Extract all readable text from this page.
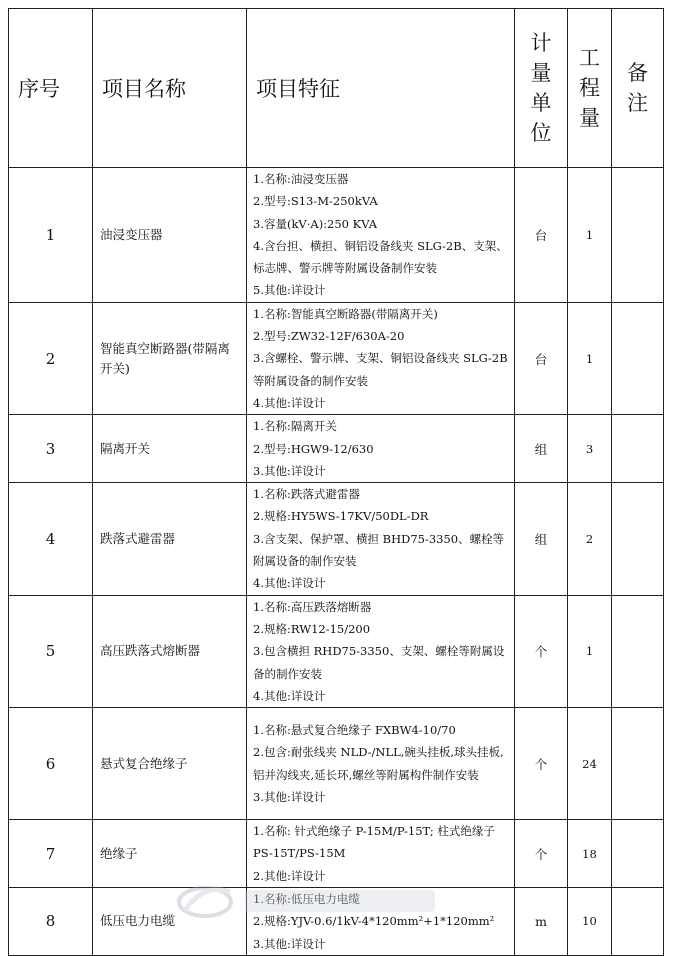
序号	项目名称	项目特征	计量单位	工程量	备注
1	油浸变压器	1.名称:油浸变压器
2.型号:S13-M-250kVA
3.容量(kV·A):250 KVA
4.含台担、横担、铜铝设备线夹 SLG-2B、支架、标志牌、警示牌等附属设备制作安装
5.其他:详设计	台	1	
2	智能真空断路器(带隔离开关)	1.名称:智能真空断路器(带隔离开关)
2.型号:ZW32-12F/630A-20
3.含螺栓、警示牌、支架、铜铝设备线夹 SLG-2B 等附属设备的制作安装
4.其他:详设计	台	1	
3	隔离开关	1.名称:隔离开关
2.型号:HGW9-12/630
3.其他:详设计	组	3	
4	跌落式避雷器	1.名称:跌落式避雷器
2.规格:HY5WS-17KV/50DL-DR
3.含支架、保护罩、横担 BHD75-3350、螺栓等附属设备的制作安装
4.其他:详设计	组	2	
5	高压跌落式熔断器	1.名称:高压跌落熔断器
2.规格:RW12-15/200
3.包含横担 RHD75-3350、支架、螺栓等附属设备的制作安装
4.其他:详设计	个	1	
6	悬式复合绝缘子	1.名称:悬式复合绝缘子 FXBW4-10/70
2.包含:耐张线夹 NLD-/NLL,碗头挂板,球头挂板,铝并沟线夹,延长环,螺丝等附属构件制作安装
3.其他:详设计	个	24	
7	绝缘子	1.名称: 针式绝缘子 P-15M/P-15T; 柱式绝缘子 PS-15T/PS-15M
2.其他:详设计	个	18	
8	低压电力电缆	1.名称:低压电力电缆
2.规格:YJV-0.6/1kV-4*120mm²+1*120mm²
3.其他:详设计	m	10	
